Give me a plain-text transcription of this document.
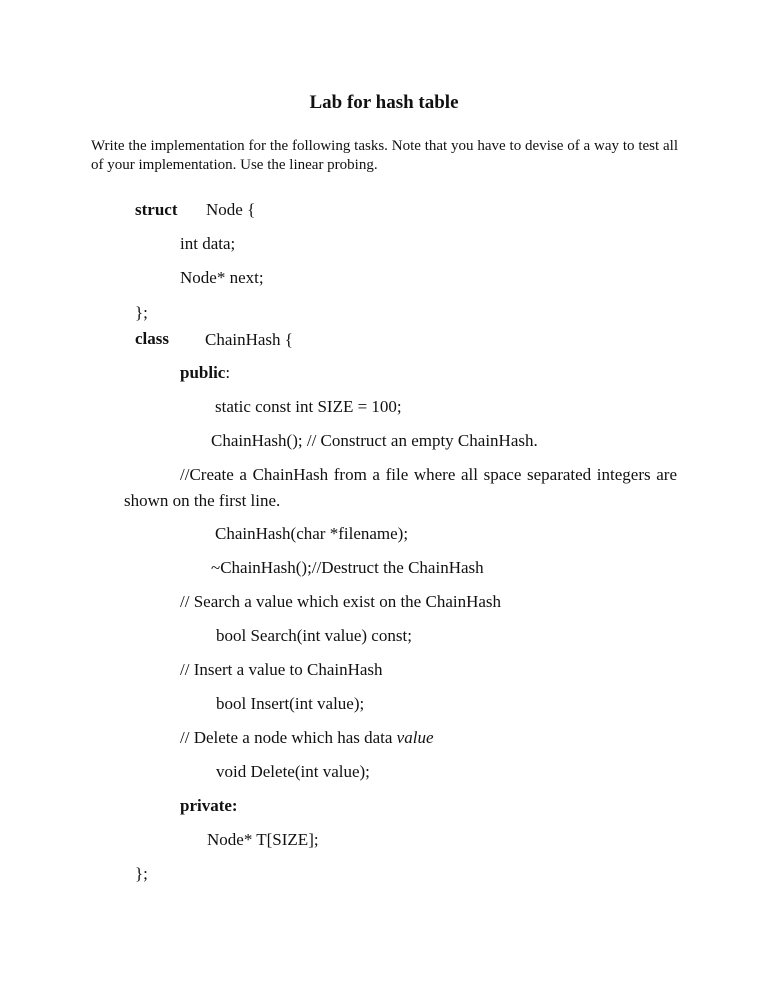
Lab for hash table
Write the implementation for the following tasks. Note that you have to devise of a way to test all of your implementation. Use the linear probing.
struct Node {
int data;
Node* next;
};
class ChainHash {
public:
static const int SIZE = 100;
ChainHash(); // Construct an empty ChainHash.
//Create a ChainHash from a file where all space separated integers are shown on the first line.
ChainHash(char *filename);
~ChainHash();//Destruct the ChainHash
// Search a value which exist on the ChainHash
bool Search(int value) const;
// Insert a value to ChainHash
bool Insert(int value);
// Delete a node which has data value
void Delete(int value);
private:
Node* T[SIZE];
};
